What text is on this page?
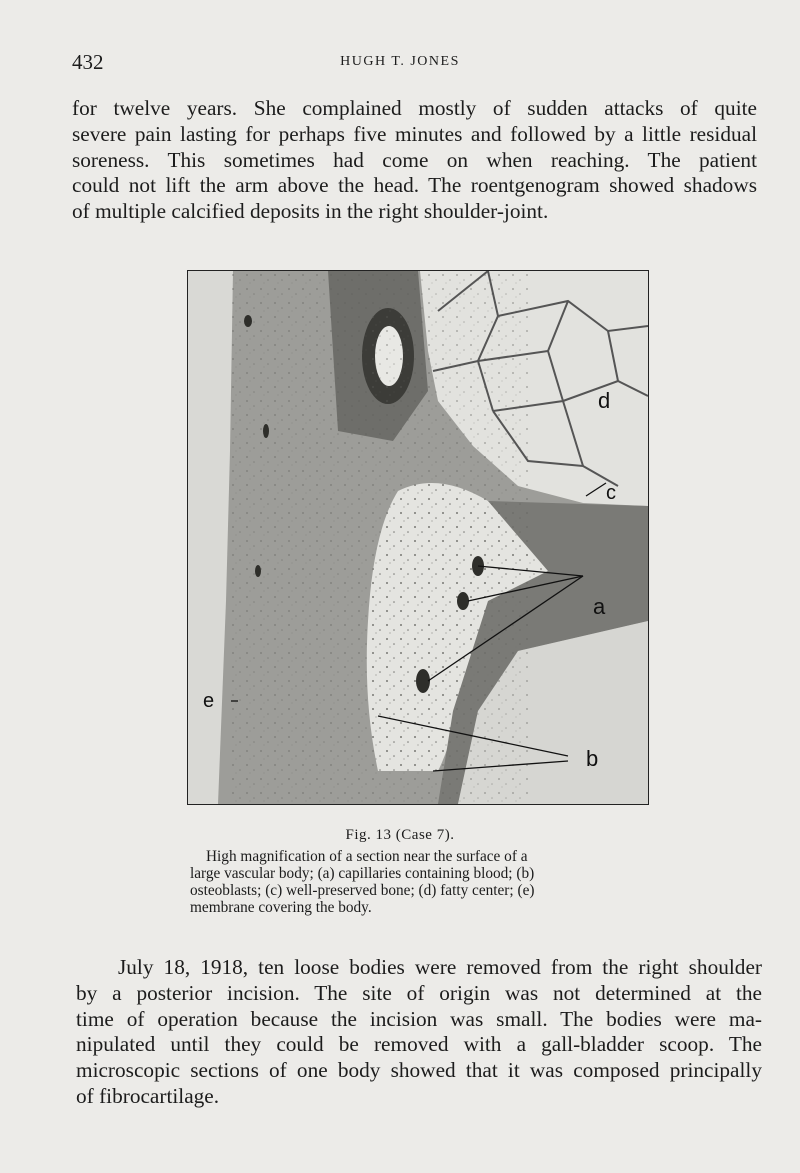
432	HUGH T. JONES
for twelve years. She complained mostly of sudden attacks of quite
severe pain lasting for perhaps five minutes and followed by a little residual
soreness. This sometimes had come on when reaching. The patient
could not lift the arm above the head. The roentgenogram showed shadows
of multiple calcified deposits in the right shoulder-joint.
d
c
a
b
e
Fig. 13 (Case 7).
High magnification of a section near the surface of a
large vascular body; (a) capillaries containing blood; (b)
osteoblasts; (c) well-preserved bone; (d) fatty center; (e)
membrane covering the body.
July 18, 1918, ten loose bodies were removed from the right shoulder
by a posterior incision. The site of origin was not determined at the
time of operation because the incision was small. The bodies were ma-
nipulated until they could be removed with a gall-bladder scoop. The
microscopic sections of one body showed that it was composed principally
of fibrocartilage.
